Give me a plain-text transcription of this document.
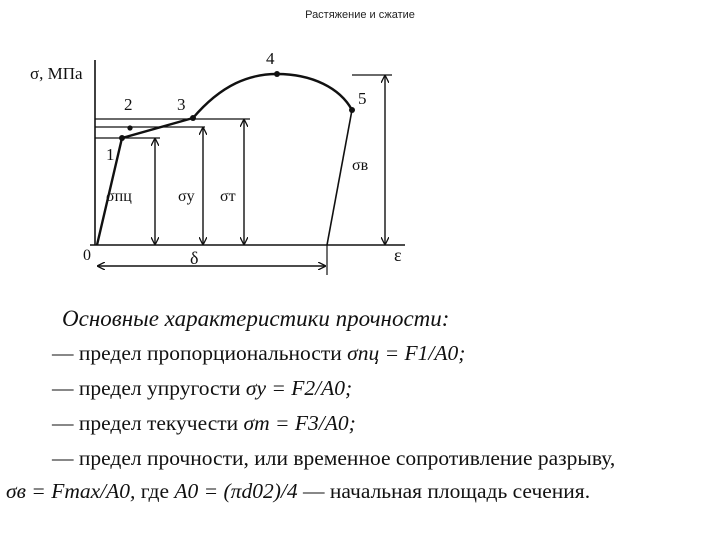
Растяжение и сжатие
σ, МПа
ε
0
1
2	3
4
5
σпц	σу σт
σв
δ
Основные характеристики прочности:
— предел пропорциональности σпц = F1/A0;
— предел упругости σу = F2/A0;
— предел текучести σт = F3/A0;
— предел прочности, или временное сопротивление разрыву,
σв = Fmax/A0, где A0 = (πd02)/4 — начальная площадь сечения.
